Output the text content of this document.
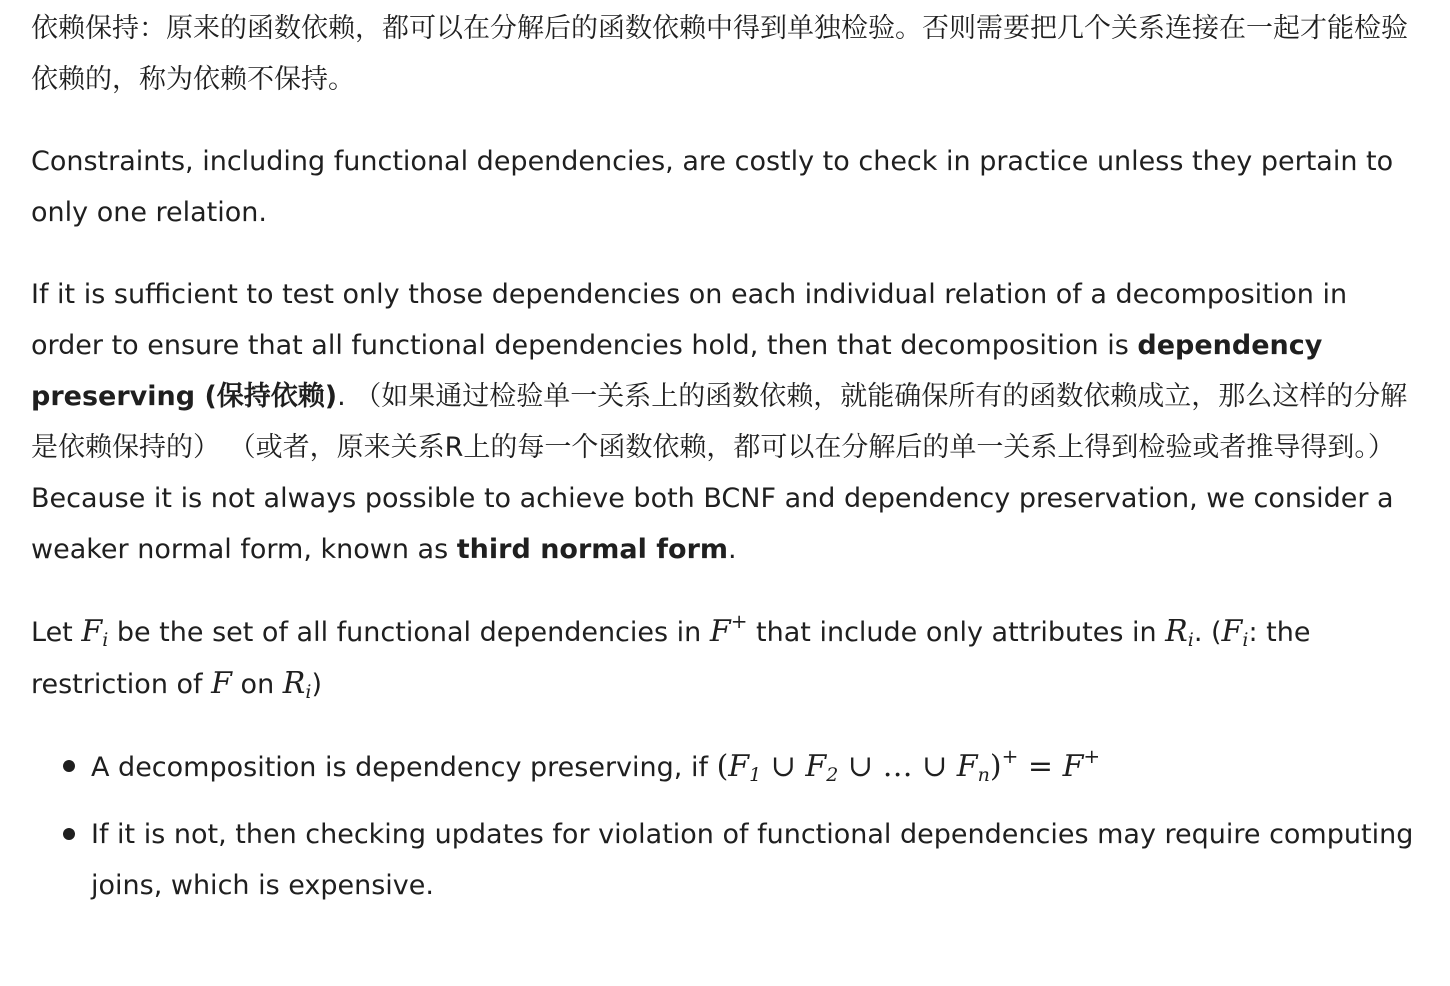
依赖保持：原来的函数依赖，都可以在分解后的函数依赖中得到单独检验。否则需要把几个关系连接在一起才能检验依赖的，称为依赖不保持。

Constraints, including functional dependencies, are costly to check in practice unless they pertain to only one relation.

If it is sufficient to test only those dependencies on each individual relation of a decomposition in order to ensure that all functional dependencies hold, then that decomposition is dependency preserving (保持依赖). （如果通过检验单一关系上的函数依赖，就能确保所有的函数依赖成立，那么这样的分解是依赖保持的） （或者，原来关系R上的每一个函数依赖，都可以在分解后的单一关系上得到检验或者推导得到。） Because it is not always possible to achieve both BCNF and dependency preservation, we consider a weaker normal form, known as third normal form.

Let $F_i$ be the set of all functional dependencies in F+ that include only attributes in $R_i$. ($F_i$: the restriction of F on $R_i$)

A decomposition is dependency preserving, if ($F_1$ ∪ $F_2$ ∪ … ∪ $F_n)^+ = F^+$
If it is not, then checking updates for violation of functional dependencies may require computing joins, which is expensive.
